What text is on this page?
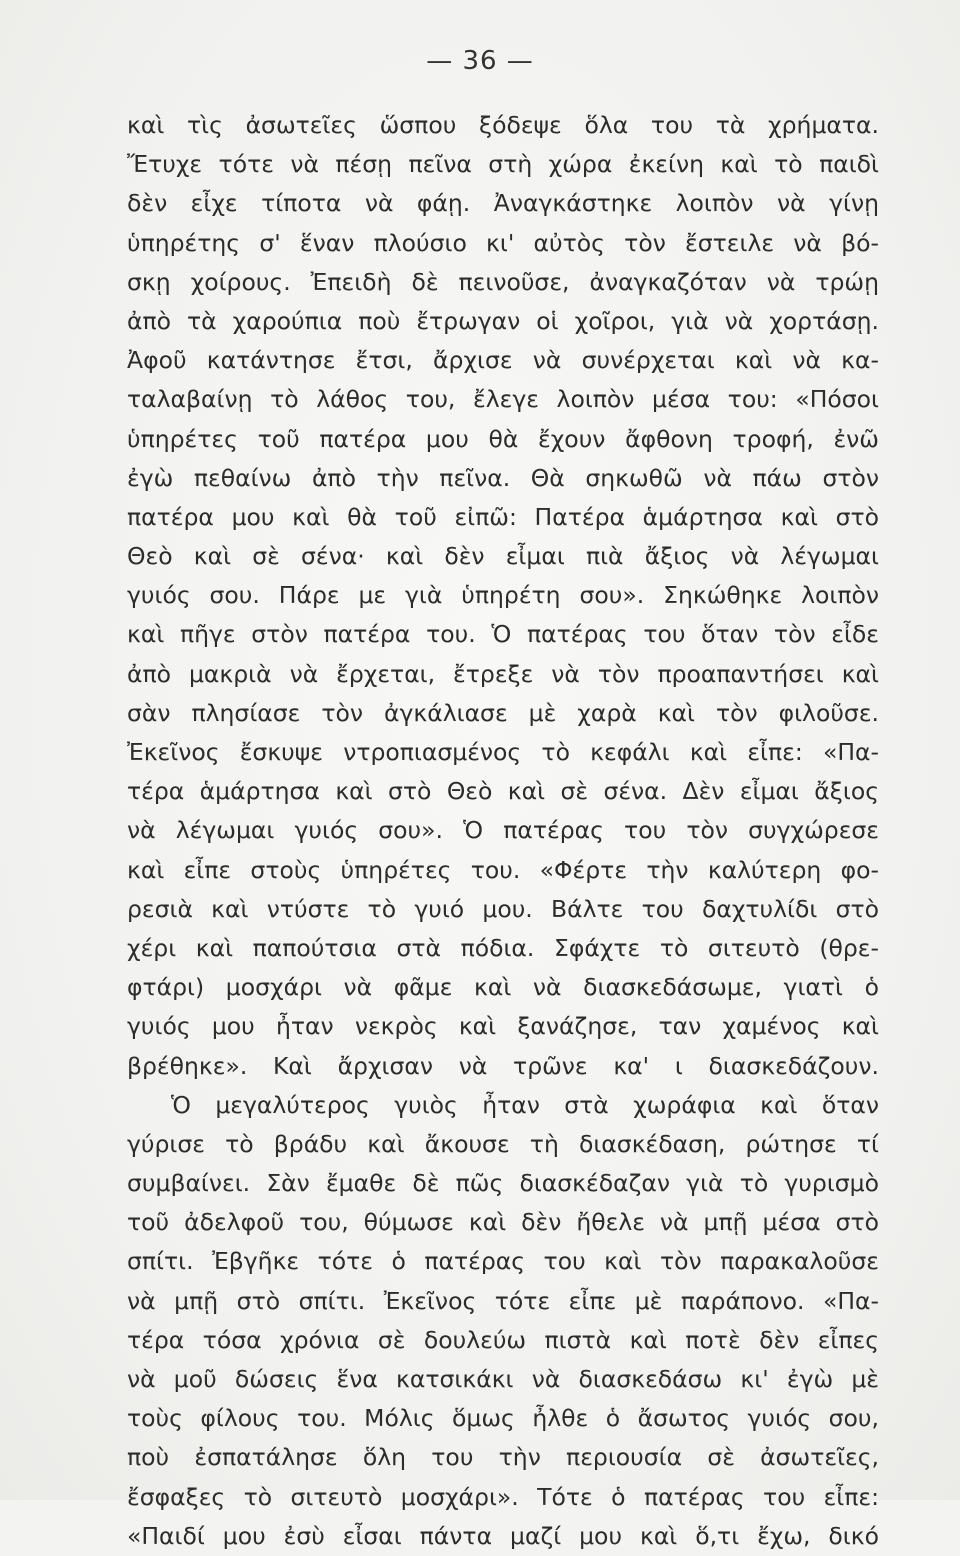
— 36 —
καὶ τὶς ἀσωτεῖες ὥσπου ξόδεψε ὅλα του τὰ χρήματα.
Ἔτυχε τότε νὰ πέσῃ πεῖνα στὴ χώρα ἐκείνη καὶ τὸ παιδὶ
δὲν εἶχε τίποτα νὰ φάῃ. Ἀναγκάστηκε λοιπὸν νὰ γίνῃ
ὑπηρέτης σ' ἕναν πλούσιο κι' αὐτὸς τὸν ἔστειλε νὰ βό-
σκῃ χοίρους. Ἐπειδὴ δὲ πεινοῦσε, ἀναγκαζόταν νὰ τρώῃ
ἀπὸ τὰ χαρούπια ποὺ ἔτρωγαν οἱ χοῖροι, γιὰ νὰ χορτάσῃ.
Ἀφοῦ κατάντησε ἔτσι, ἄρχισε νὰ συνέρχεται καὶ νὰ κα-
ταλαβαίνῃ τὸ λάθος του, ἔλεγε λοιπὸν μέσα του: «Πόσοι
ὑπηρέτες τοῦ πατέρα μου θὰ ἔχουν ἄφθονη τροφή, ἐνῶ
ἐγὼ πεθαίνω ἀπὸ τὴν πεῖνα. Θὰ σηκωθῶ νὰ πάω στὸν
πατέρα μου καὶ θὰ τοῦ εἰπῶ: Πατέρα ἁμάρτησα καὶ στὸ
Θεὸ καὶ σὲ σένα· καὶ δὲν εἶμαι πιὰ ἄξιος νὰ λέγωμαι
γυιός σου. Πάρε με γιὰ ὑπηρέτη σου». Σηκώθηκε λοιπὸν
καὶ πῆγε στὸν πατέρα του. Ὁ πατέρας του ὅταν τὸν εἶδε
ἀπὸ μακριὰ νὰ ἔρχεται, ἔτρεξε νὰ τὸν προαπαντήσει καὶ
σὰν πλησίασε τὸν ἀγκάλιασε μὲ χαρὰ καὶ τὸν φιλοῦσε.
Ἐκεῖνος ἔσκυψε ντροπιασμένος τὸ κεφάλι καὶ εἶπε: «Πα-
τέρα ἁμάρτησα καὶ στὸ Θεὸ καὶ σὲ σένα. Δὲν εἶμαι ἄξιος
νὰ λέγωμαι γυιός σου». Ὁ πατέρας του τὸν συγχώρεσε
καὶ εἶπε στοὺς ὑπηρέτες του. «Φέρτε τὴν καλύτερη φο-
ρεσιὰ καὶ ντύστε τὸ γυιό μου. Βάλτε του δαχτυλίδι στὸ
χέρι καὶ παπούτσια στὰ πόδια. Σφάχτε τὸ σιτευτὸ (θρε-
φτάρι) μοσχάρι νὰ φᾶμε καὶ νὰ διασκεδάσωμε, γιατὶ ὁ
γυιός μου ἦταν νεκρὸς καὶ ξανάζησε, ταν χαμένος καὶ
βρέθηκε». Καὶ ἄρχισαν νὰ τρῶνε κα' ι διασκεδάζουν.
Ὁ μεγαλύτερος γυιὸς ἦταν στὰ χωράφια καὶ ὅταν
γύρισε τὸ βράδυ καὶ ἄκουσε τὴ διασκέδαση, ρώτησε τί
συμβαίνει. Σὰν ἔμαθε δὲ πῶς διασκέδαζαν γιὰ τὸ γυρισμὸ
τοῦ ἀδελφοῦ του, θύμωσε καὶ δὲν ἤθελε νὰ μπῇ μέσα στὸ
σπίτι. Ἐβγῆκε τότε ὁ πατέρας του καὶ τὸν παρακαλοῦσε
νὰ μπῇ στὸ σπίτι. Ἐκεῖνος τότε εἶπε μὲ παράπονο. «Πα-
τέρα τόσα χρόνια σὲ δουλεύω πιστὰ καὶ ποτὲ δὲν εἶπες
νὰ μοῦ δώσεις ἕνα κατσικάκι νὰ διασκεδάσω κι' ἐγὼ μὲ
τοὺς φίλους του. Μόλις ὅμως ἦλθε ὁ ἄσωτος γυιός σου,
ποὺ ἐσπατάλησε ὅλη του τὴν περιουσία σὲ ἀσωτεῖες,
ἔσφαξες τὸ σιτευτὸ μοσχάρι». Τότε ὁ πατέρας του εἶπε:
«Παιδί μου ἐσὺ εἶσαι πάντα μαζί μου καὶ ὅ,τι ἔχω, δικό
